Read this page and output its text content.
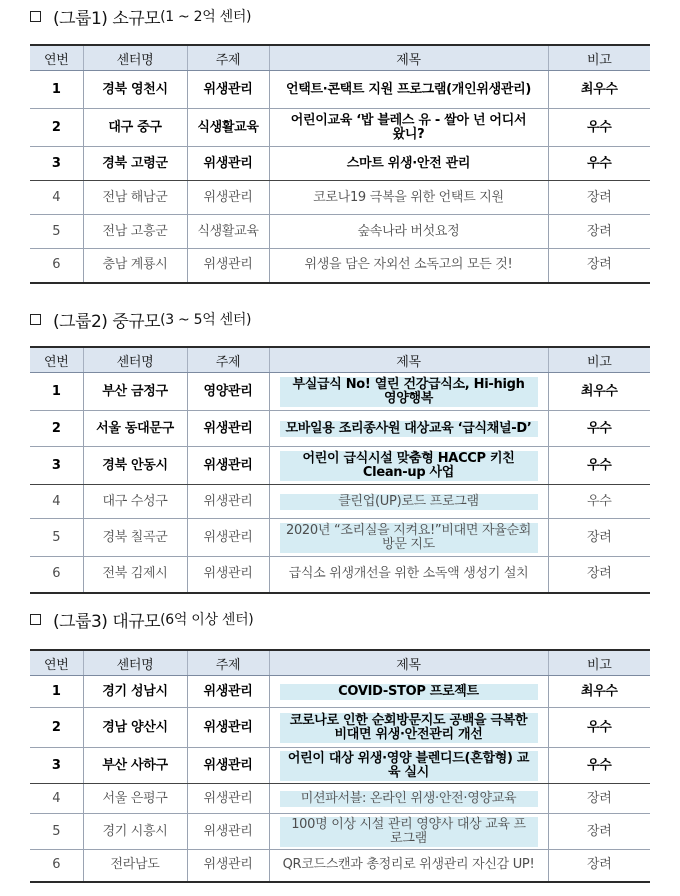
(그룹1) 소규모 (1 ~ 2억 센터)
연번	센터명	주제	제목	비고
1	경북 영천시	위생관리	언택트·콘택트 지원 프로그램(개인위생관리)	최우수
2	대구 중구	식생활교육	어린이교육 ‘밥 블레스 유 - 쌀아 넌 어디서 왔니?	우수
3	경북 고령군	위생관리	스마트 위생·안전 관리	우수
4	전남 해남군	위생관리	코로나19 극복을 위한 언택트 지원	장려
5	전남 고흥군	식생활교육	숲속나라 버섯요정	장려
6	충남 계룡시	위생관리	위생을 담은 자외선 소독고의 모든 것!	장려
(그룹2) 중규모 (3 ~ 5억 센터)
연번	센터명	주제	제목	비고
1	부산 금정구	영양관리	부실급식 No! 열린 건강급식소, Hi-high 영양행복	최우수
2	서울 동대문구	위생관리	모바일용 조리종사원 대상교육 ‘급식채널-D’	우수
3	경북 안동시	위생관리	어린이 급식시설 맞춤형 HACCP 키친 Clean-up 사업	우수
4	대구 수성구	위생관리	클린업(UP)로드 프로그램	우수
5	경북 칠곡군	위생관리	2020년 “조리실을 지켜요!”비대면 자율순회방문 지도	장려
6	전북 김제시	위생관리	급식소 위생개선을 위한 소독액 생성기 설치	장려
(그룹3) 대규모 (6억 이상 센터)
연번	센터명	주제	제목	비고
1	경기 성남시	위생관리	COVID-STOP 프로젝트	최우수
2	경남 양산시	위생관리	코로나로 인한 순회방문지도 공백을 극복한 비대면 위생·안전관리 개선	우수
3	부산 사하구	위생관리	어린이 대상 위생·영양 블렌디드(혼합형) 교육 실시	우수
4	서울 은평구	위생관리	미션파서블: 온라인 위생·안전·영양교육	장려
5	경기 시흥시	위생관리	100명 이상 시설 관리 영양사 대상 교육 프로그램	장려
6	전라남도	위생관리	QR코드스캔과 총정리로 위생관리 자신감 UP!	장려
